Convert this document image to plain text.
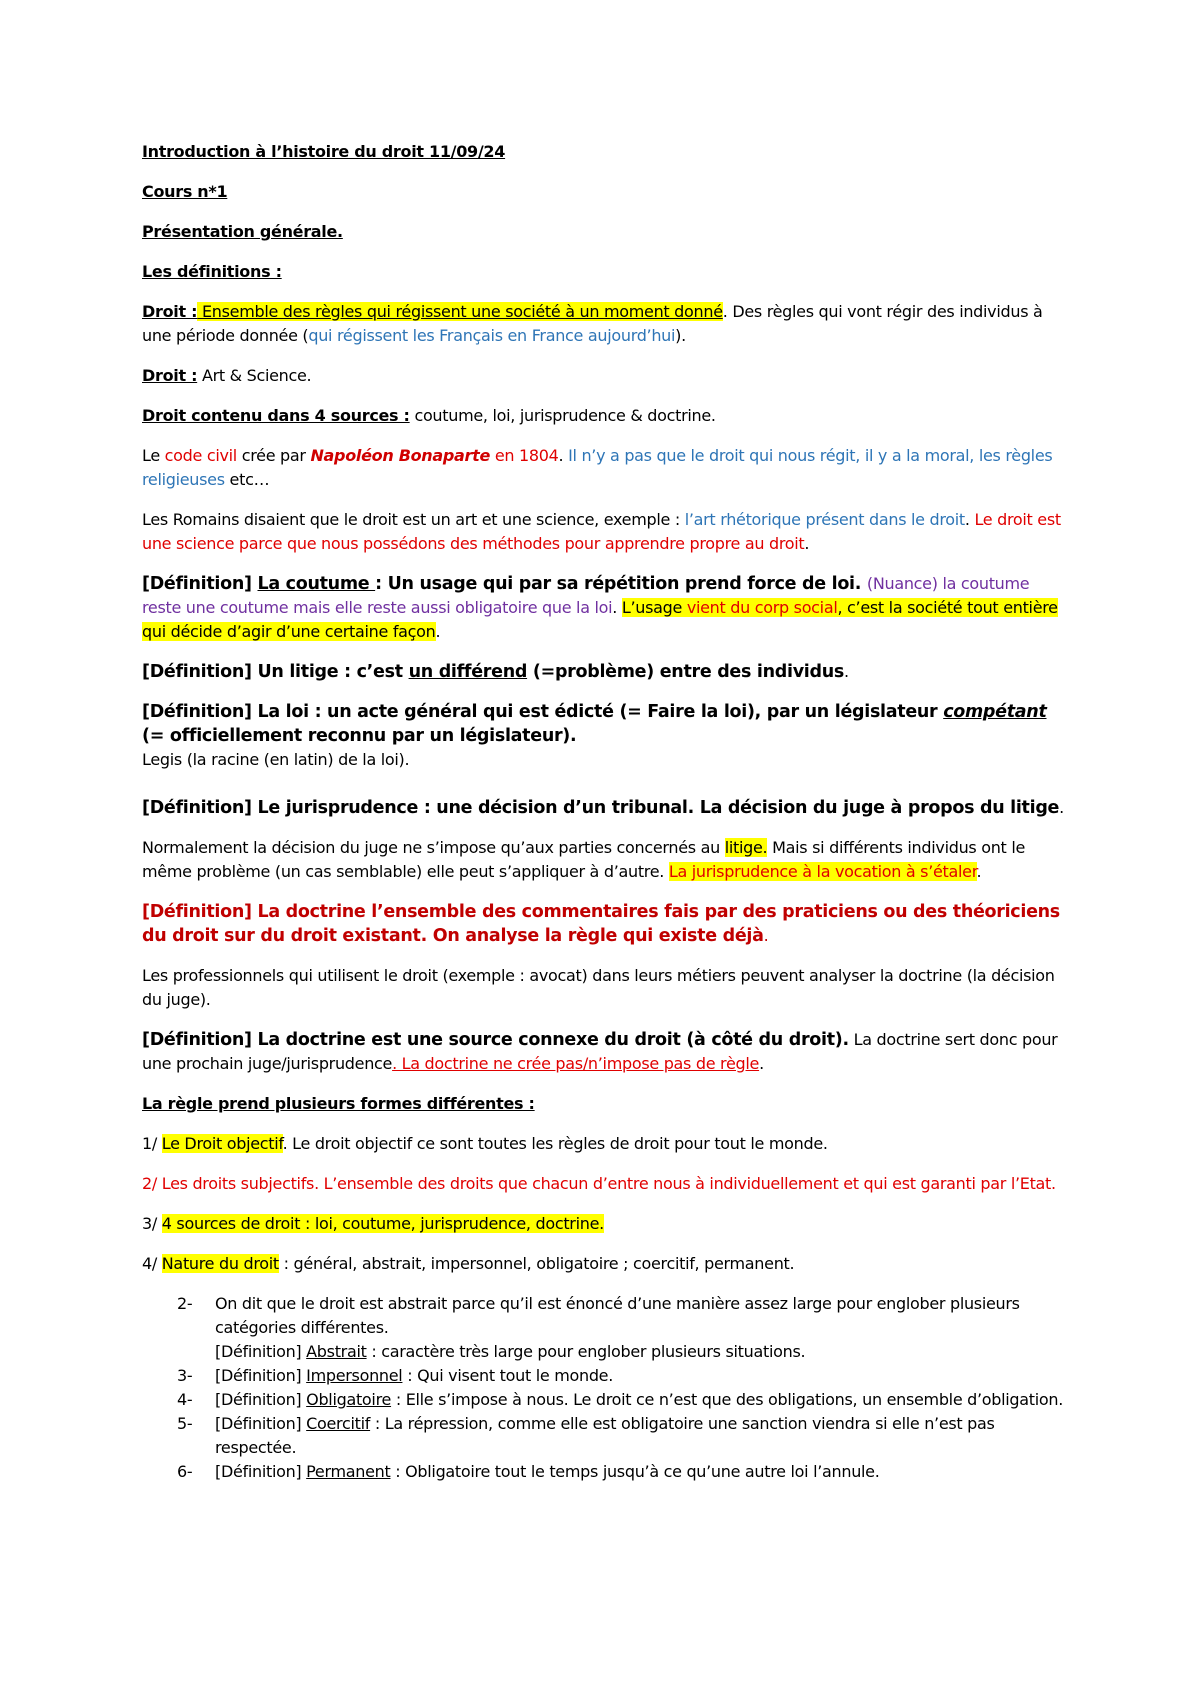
Introduction à l’histoire du droit 11/09/24

Cours n*1

Présentation générale.

Les définitions :

Droit : Ensemble des règles qui régissent une société à un moment donné. Des règles qui vont régir des individus à une période donnée (qui régissent les Français en France aujourd’hui).

Droit : Art & Science.

Droit contenu dans 4 sources : coutume, loi, jurisprudence & doctrine.

Le code civil crée par Napoléon Bonaparte en 1804. Il n’y a pas que le droit qui nous régit, il y a la moral, les règles religieuses etc…

Les Romains disaient que le droit est un art et une science, exemple : l’art rhétorique présent dans le droit. Le droit est une science parce que nous possédons des méthodes pour apprendre propre au droit.

[Définition] La coutume : Un usage qui par sa répétition prend force de loi. (Nuance) la coutume reste une coutume mais elle reste aussi obligatoire que la loi. L’usage vient du corp social, c’est la société tout entière qui décide d’agir d’une certaine façon.

[Définition] Un litige : c’est un différend (=problème) entre des individus.

[Définition] La loi : un acte général qui est édicté (= Faire la loi), par un législateur compétant (= officiellement reconnu par un législateur).
Legis (la racine (en latin) de la loi).

[Définition] Le jurisprudence : une décision d’un tribunal. La décision du juge à propos du litige.

Normalement la décision du juge ne s’impose qu’aux parties concernés au litige. Mais si différents individus ont le même problème (un cas semblable) elle peut s’appliquer à d’autre. La jurisprudence à la vocation à s’étaler.

[Définition] La doctrine l’ensemble des commentaires fais par des praticiens ou des théoriciens du droit sur du droit existant. On analyse la règle qui existe déjà.

Les professionnels qui utilisent le droit (exemple : avocat) dans leurs métiers peuvent analyser la doctrine (la décision du juge).

[Définition] La doctrine est une source connexe du droit (à côté du droit). La doctrine sert donc pour une prochain juge/jurisprudence. La doctrine ne crée pas/n’impose pas de règle.

La règle prend plusieurs formes différentes :

1/ Le Droit objectif. Le droit objectif ce sont toutes les règles de droit pour tout le monde.

2/ Les droits subjectifs. L’ensemble des droits que chacun d’entre nous à individuellement et qui est garanti par l’Etat.

3/ 4 sources de droit : loi, coutume, jurisprudence, doctrine.

4/ Nature du droit : général, abstrait, impersonnel, obligatoire ; coercitif, permanent.

2- On dit que le droit est abstrait parce qu’il est énoncé d’une manière assez large pour englober plusieurs catégories différentes.
[Définition] Abstrait : caractère très large pour englober plusieurs situations.
3- [Définition] Impersonnel : Qui visent tout le monde.
4- [Définition] Obligatoire : Elle s’impose à nous. Le droit ce n’est que des obligations, un ensemble d’obligation.
5- [Définition] Coercitif : La répression, comme elle est obligatoire une sanction viendra si elle n’est pas respectée.
6- [Définition] Permanent : Obligatoire tout le temps jusqu’à ce qu’une autre loi l’annule.
